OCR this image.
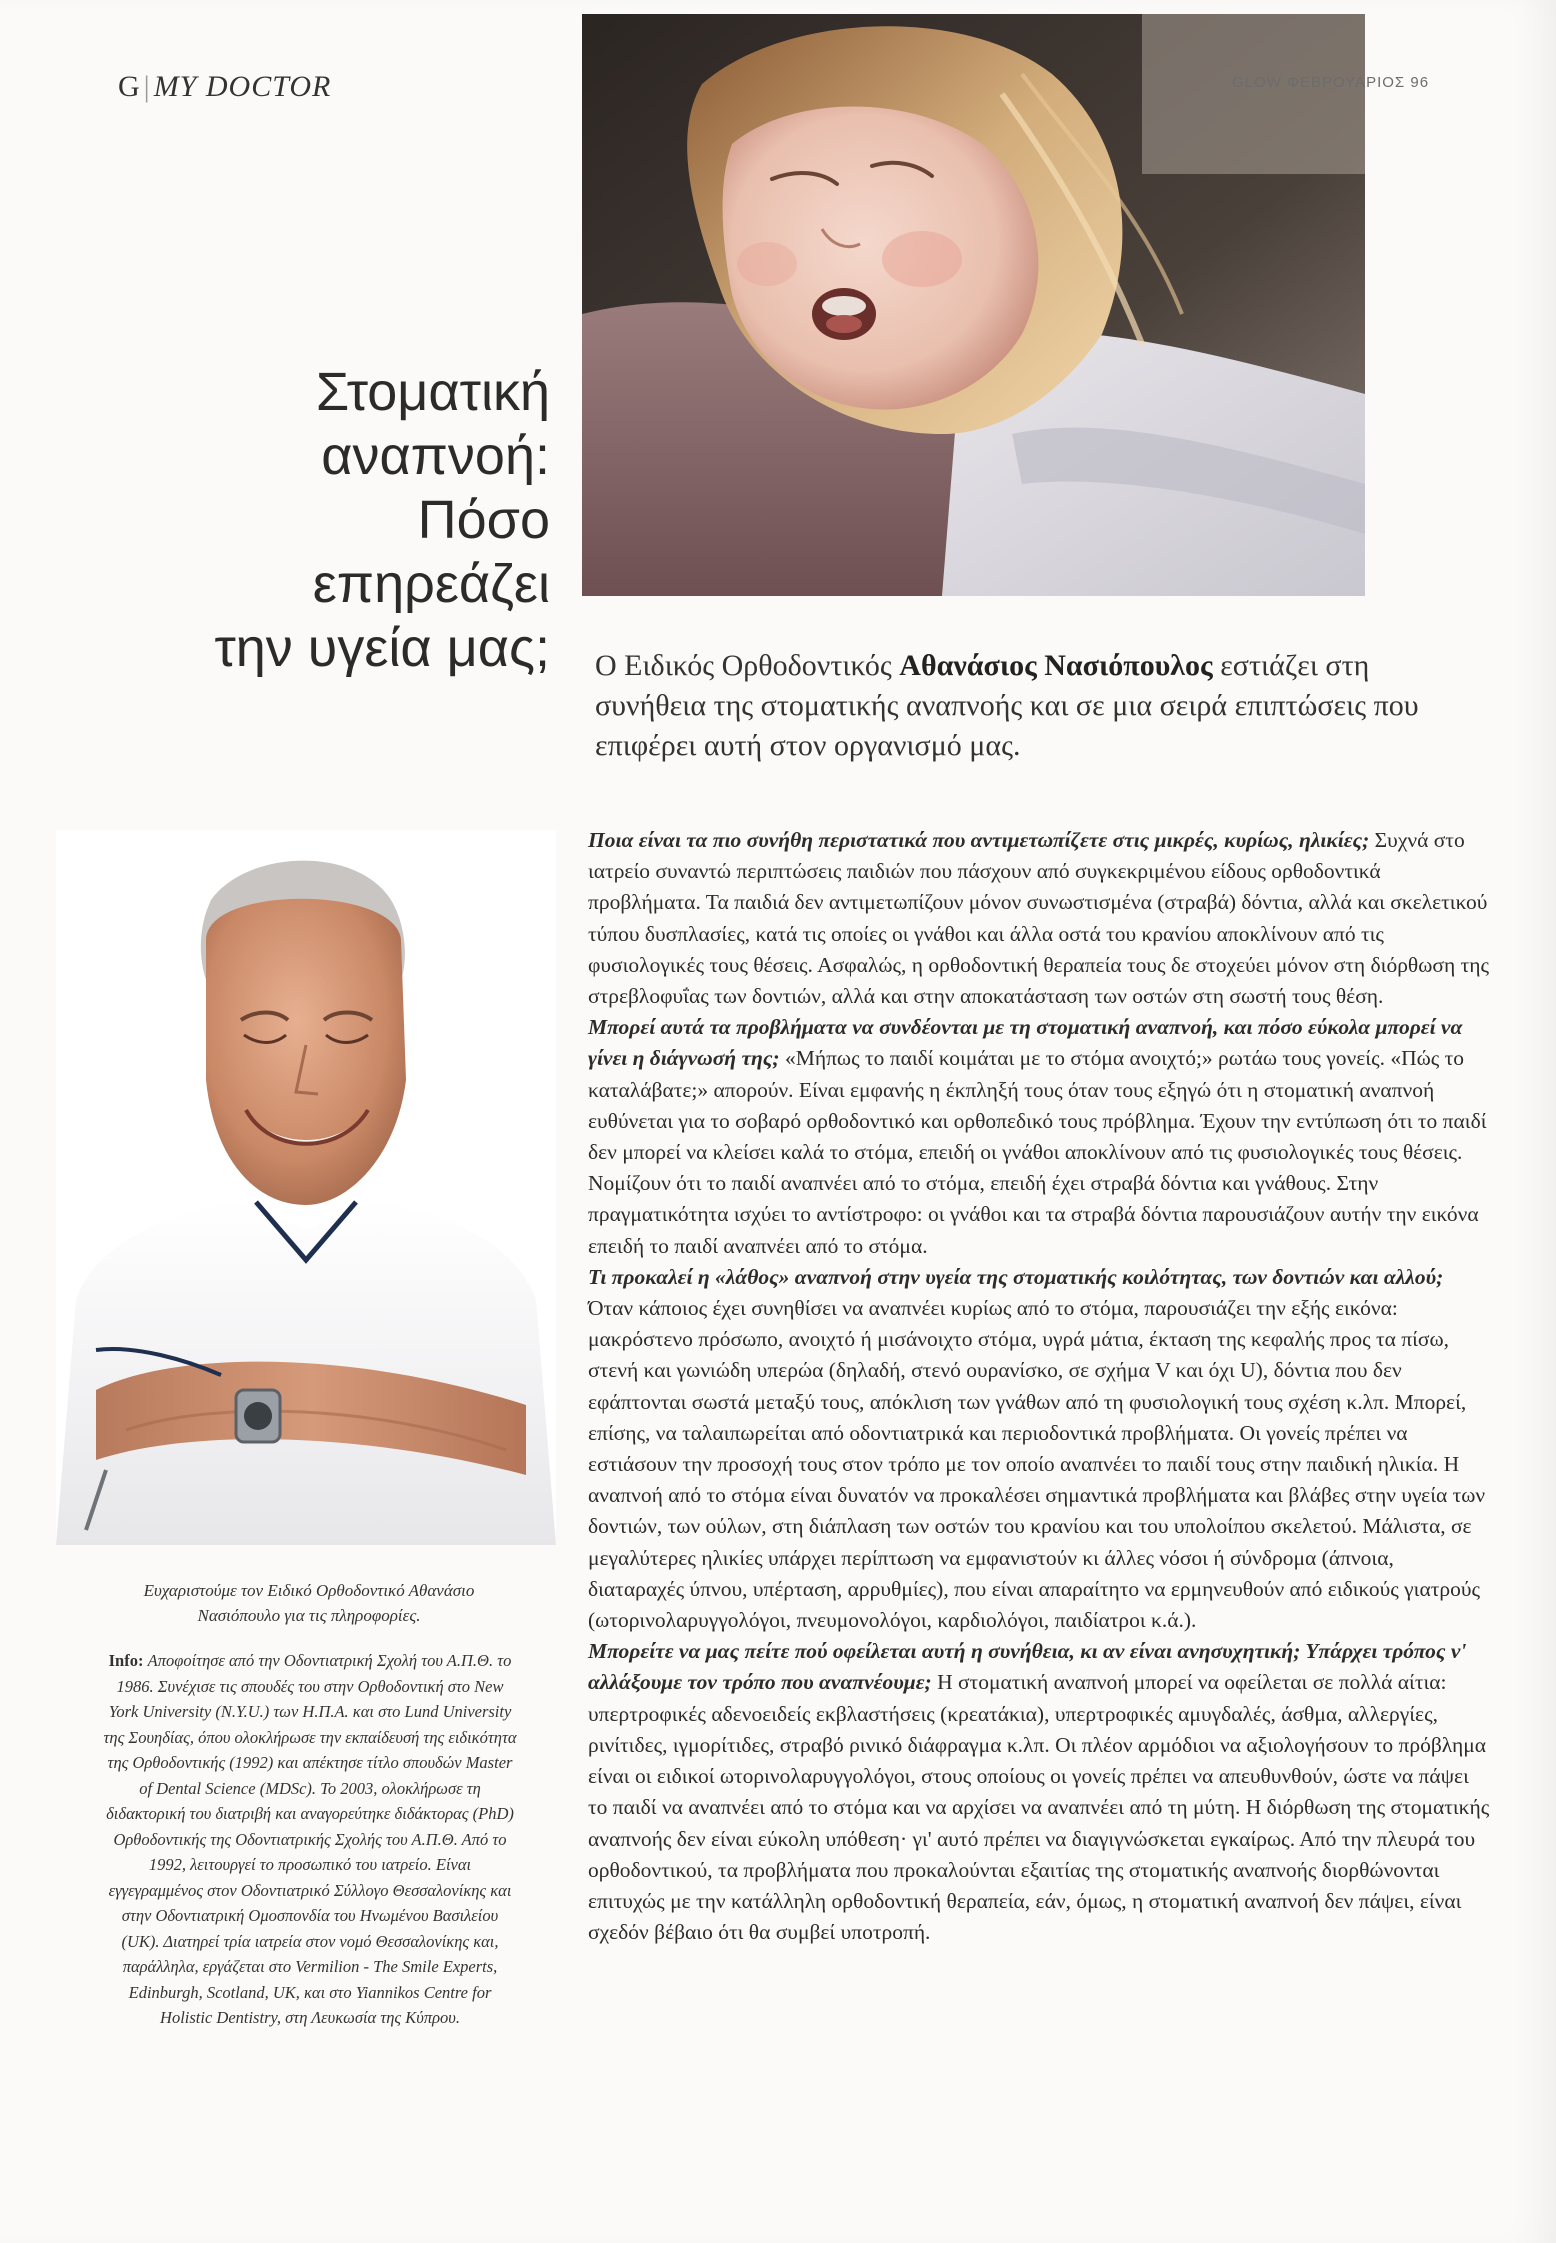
G | MY DOCTOR	GLOW ΦΕΒΡΟΥΑΡΙΟΣ 96
Στοματική
αναπνοή:
Πόσο επηρεάζει
την υγεία μας; Ο Ειδικός Ορθοδοντικός Αθανάσιος Νασιόπουλος εστιάζει στη συνήθεια της στοματικής αναπνοής και σε μια σειρά επιπτώσεις που επιφέρει αυτή στον οργανισμό μας.

Ευχαριστούμε τον Ειδικό Ορθοδοντικό Αθανάσιο Νασιόπουλο για τις πληροφορίες.

Info: Αποφοίτησε από την Οδοντιατρική Σχολή του Α.Π.Θ. το 1986. Συνέχισε τις σπουδές του στην Ορθοδοντική στο New York University (N.Y.U.) των Η.Π.Α. και στο Lund University της Σουηδίας, όπου ολοκλήρωσε την εκπαίδευσή της ειδικότητα της Ορθοδοντικής (1992) και απέκτησε τίτλο σπουδών Master of Dental Science (MDSc). Το 2003, ολοκλήρωσε τη διδακτορική του διατριβή και αναγορεύτηκε διδάκτορας (PhD) Ορθοδοντικής της Οδοντιατρικής Σχολής του Α.Π.Θ. Από το 1992, λειτουργεί το προσωπικό του ιατρείο. Είναι εγγεγραμμένος στον Οδοντιατρικό Σύλλογο Θεσσαλονίκης και στην Οδοντιατρική Ομοσπονδία του Ηνωμένου Βασιλείου (UK). Διατηρεί τρία ιατρεία στον νομό Θεσσαλονίκης και, παράλληλα, εργάζεται στο Vermilion - The Smile Experts, Edinburgh, Scotland, UK, και στο Yiannikos Centre for Holistic Dentistry, στη Λευκωσία της Κύπρου.

Ποια είναι τα πιο συνήθη περιστατικά που αντιμετωπίζετε στις μικρές, κυρίως, ηλικίες; Συχνά στο ιατρείο συναντώ περιπτώσεις παιδιών που πάσχουν από συγκεκριμένου είδους ορθοδοντικά προβλήματα. Τα παιδιά δεν αντιμετωπίζουν μόνον συνωστισμένα (στραβά) δόντια, αλλά και σκελετικού τύπου δυσπλασίες, κατά τις οποίες οι γνάθοι και άλλα οστά του κρανίου αποκλίνουν από τις φυσιολογικές τους θέσεις. Ασφαλώς, η ορθοδοντική θεραπεία τους δε στοχεύει μόνον στη διόρθωση της στρεβλοφυΐας των δοντιών, αλλά και στην αποκατάσταση των οστών στη σωστή τους θέση.

Μπορεί αυτά τα προβλήματα να συνδέονται με τη στοματική αναπνοή, και πόσο εύκολα μπορεί να γίνει η διάγνωσή της; «Μήπως το παιδί κοιμάται με το στόμα ανοιχτό;» ρωτάω τους γονείς. «Πώς το καταλάβατε;» απορούν. Είναι εμφανής η έκπληξή τους όταν τους εξηγώ ότι η στοματική αναπνοή ευθύνεται για το σοβαρό ορθοδοντικό και ορθοπεδικό τους πρόβλημα. Έχουν την εντύπωση ότι το παιδί δεν μπορεί να κλείσει καλά το στόμα, επειδή οι γνάθοι αποκλίνουν από τις φυσιολογικές τους θέσεις. Νομίζουν ότι το παιδί αναπνέει από το στόμα, επειδή έχει στραβά δόντια και γνάθους. Στην πραγματικότητα ισχύει το αντίστροφο: οι γνάθοι και τα στραβά δόντια παρουσιάζουν αυτήν την εικόνα επειδή το παιδί αναπνέει από το στόμα.

Τι προκαλεί η «λάθος» αναπνοή στην υγεία της στοματικής κοιλότητας, των δοντιών και αλλού; Όταν κάποιος έχει συνηθίσει να αναπνέει κυρίως από το στόμα, παρουσιάζει την εξής εικόνα: μακρόστενο πρόσωπο, ανοιχτό ή μισάνοιχτο στόμα, υγρά μάτια, έκταση της κεφαλής προς τα πίσω, στενή και γωνιώδη υπερώα (δηλαδή, στενό ουρανίσκο, σε σχήμα V και όχι U), δόντια που δεν εφάπτονται σωστά μεταξύ τους, απόκλιση των γνάθων από τη φυσιολογική τους σχέση κ.λπ. Μπορεί, επίσης, να ταλαιπωρείται από οδοντιατρικά και περιοδοντικά προβλήματα. Οι γονείς πρέπει να εστιάσουν την προσοχή τους στον τρόπο με τον οποίο αναπνέει το παιδί τους στην παιδική ηλικία. Η αναπνοή από το στόμα είναι δυνατόν να προκαλέσει σημαντικά προβλήματα και βλάβες στην υγεία των δοντιών, των ούλων, στη διάπλαση των οστών του κρανίου και του υπολοίπου σκελετού. Μάλιστα, σε μεγαλύτερες ηλικίες υπάρχει περίπτωση να εμφανιστούν κι άλλες νόσοι ή σύνδρομα (άπνοια, διαταραχές ύπνου, υπέρταση, αρρυθμίες), που είναι απαραίτητο να ερμηνευθούν από ειδικούς γιατρούς (ωτορινολαρυγγολόγοι, πνευμονολόγοι, καρδιολόγοι, παιδίατροι κ.ά.).

Μπορείτε να μας πείτε πού οφείλεται αυτή η συνήθεια, κι αν είναι ανησυχητική; Υπάρχει τρόπος ν' αλλάξουμε τον τρόπο που αναπνέουμε; Η στοματική αναπνοή μπορεί να οφείλεται σε πολλά αίτια: υπερτροφικές αδενοειδείς εκβλαστήσεις (κρεατάκια), υπερτροφικές αμυγδαλές, άσθμα, αλλεργίες, ρινίτιδες, ιγμορίτιδες, στραβό ρινικό διάφραγμα κ.λπ. Οι πλέον αρμόδιοι να αξιολογήσουν το πρόβλημα είναι οι ειδικοί ωτορινολαρυγγολόγοι, στους οποίους οι γονείς πρέπει να απευθυνθούν, ώστε να πάψει το παιδί να αναπνέει από το στόμα και να αρχίσει να αναπνέει από τη μύτη. Η διόρθωση της στοματικής αναπνοής δεν είναι εύκολη υπόθεση· γι' αυτό πρέπει να διαγιγνώσκεται εγκαίρως. Από την πλευρά του ορθοδοντικού, τα προβλήματα που προκαλούνται εξαιτίας της στοματικής αναπνοής διορθώνονται επιτυχώς με την κατάλληλη ορθοδοντική θεραπεία, εάν, όμως, η στοματική αναπνοή δεν πάψει, είναι σχεδόν βέβαιο ότι θα συμβεί υποτροπή.
